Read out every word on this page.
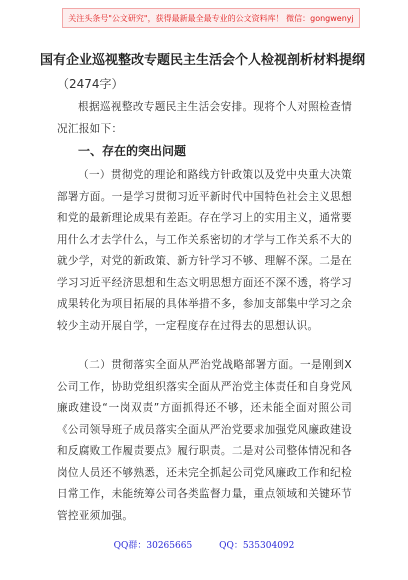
关注头条号"公文研究"，获得最新最全最专业的公文资料库！ 微信：gongwenyj
国有企业巡视整改专题民主生活会个人检视剖析材料提纲
（2474字）
根据巡视整改专题民主生活会安排。现将个人对照检查情况汇报如下：
一、存在的突出问题
（一）贯彻党的理论和路线方针政策以及党中央重大决策部署方面。一是学习贯彻习近平新时代中国特色社会主义思想和党的最新理论成果有差距。存在学习上的实用主义，通常要用什么才去学什么，与工作关系密切的才学与工作关系不大的就少学，对党的新政策、新方针学习不够、理解不深。二是在学习习近平经济思想和生态文明思想方面还不深不透，将学习成果转化为项目拓展的具体举措不多，参加支部集中学习之余较少主动开展自学，一定程度存在过得去的思想认识。
（二）贯彻落实全面从严治党战略部署方面。一是刚到X公司工作，协助党组织落实全面从严治党主体责任和自身党风廉政建设“一岗双责”方面抓得还不够，还未能全面对照公司《公司领导班子成员落实全面从严治党要求加强党风廉政建设和反腐败工作履责要点》履行职责。二是对公司整体情况和各岗位人员还不够熟悉，还未完全抓起公司党风廉政工作和纪检日常工作，未能统筹公司各类监督力量，重点领域和关键环节管控亚须加强。
QQ群：30265665	QQ：535304092
